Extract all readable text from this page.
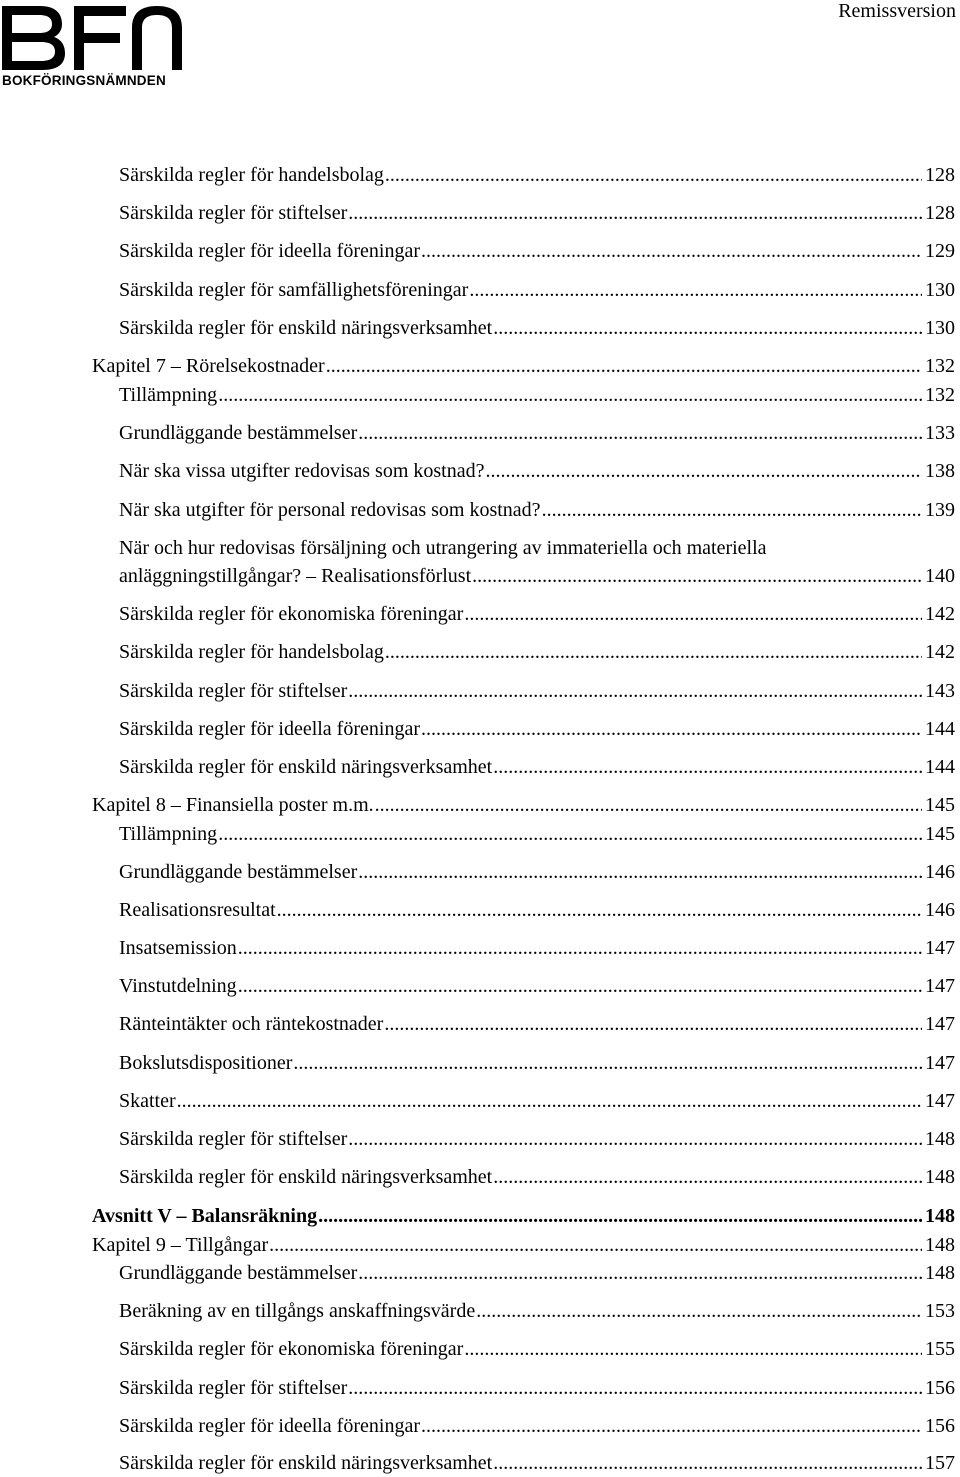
BOKFÖRINGSNÄMNDEN
Remissversion
Särskilda regler för handelsbolag .....	128
Särskilda regler för stiftelser .....	128
Särskilda regler för ideella föreningar .....	129
Särskilda regler för samfällighetsföreningar .....	130
Särskilda regler för enskild näringsverksamhet .....	130
Kapitel 7 – Rörelsekostnader .....	132
Tillämpning .....	132
Grundläggande bestämmelser .....	133
När ska vissa utgifter redovisas som kostnad? .....	138
När ska utgifter för personal redovisas som kostnad? .....	139
När och hur redovisas försäljning och utrangering av immateriella och materiella
anläggningstillgångar? – Realisationsförlust .....	140
Särskilda regler för ekonomiska föreningar .....	142
Särskilda regler för handelsbolag .....	142
Särskilda regler för stiftelser .....	143
Särskilda regler för ideella föreningar .....	144
Särskilda regler för enskild näringsverksamhet .....	144
Kapitel 8 – Finansiella poster m.m. .....	145
Tillämpning .....	145
Grundläggande bestämmelser .....	146
Realisationsresultat .....	146
Insatsemission .....	147
Vinstutdelning .....	147
Ränteintäkter och räntekostnader .....	147
Bokslutsdispositioner .....	147
Skatter .....	147
Särskilda regler för stiftelser .....	148
Särskilda regler för enskild näringsverksamhet .....	148
Avsnitt V – Balansräkning .....	148
Kapitel 9 – Tillgångar .....	148
Grundläggande bestämmelser .....	148
Beräkning av en tillgångs anskaffningsvärde .....	153
Särskilda regler för ekonomiska föreningar .....	155
Särskilda regler för stiftelser .....	156
Särskilda regler för ideella föreningar .....	156
Särskilda regler för enskild näringsverksamhet .....	157
